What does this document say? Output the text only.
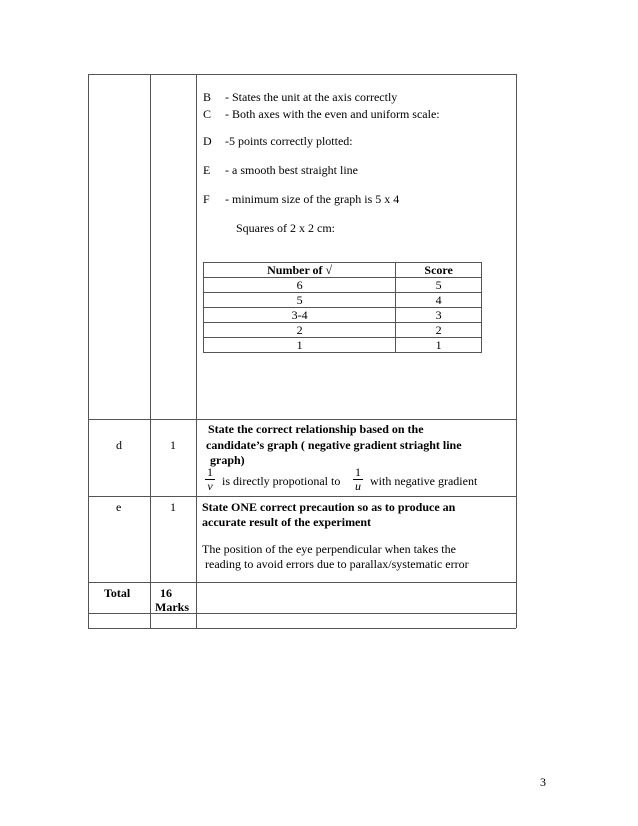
B - States the unit at the axis correctly
C - Both axes with the even and uniform scale:
D -5 points correctly plotted:
E - a smooth best straight line
F - minimum size of the graph is 5 x 4
Squares of 2 x 2 cm:
Number of √	Score
6	5
5	4
3-4	3
2	2
1	1
d	1
State the correct relationship based on the
candidate’s graph ( negative gradient striaght line
graph)
$\frac{1}{v}$ is directly propotional to $\frac{1}{u}$ with negative gradient
e	1 State ONE correct precaution so as to produce an
accurate result of the experiment
The position of the eye perpendicular when takes the
reading to avoid errors due to parallax/systematic error
Total 16
Marks
3
